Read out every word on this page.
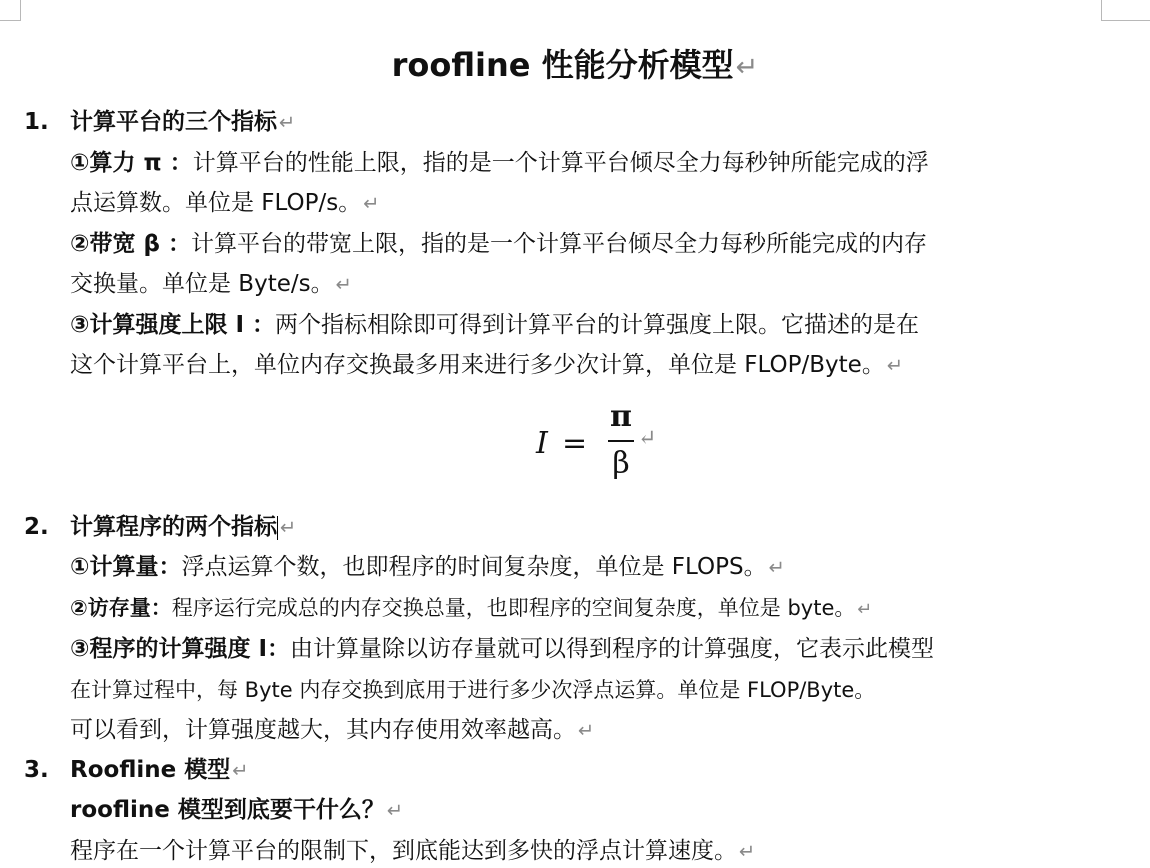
roofline 性能分析模型↵
1. 计算平台的三个指标 ↵
①算力 π ：计算平台的性能上限，指的是一个计算平台倾尽全力每秒钟所能完成的浮
点运算数。单位是 FLOP/s。 ↵
②带宽 β ：计算平台的带宽上限，指的是一个计算平台倾尽全力每秒所能完成的内存
交换量。单位是 Byte/s。 ↵
③计算强度上限 I ：两个指标相除即可得到计算平台的计算强度上限。它描述的是在
这个计算平台上，单位内存交换最多用来进行多少次计算，单位是 FLOP/Byte。 ↵
I =
π
β
↵
2. 计算程序的两个指标 ↵
①计算量：浮点运算个数，也即程序的时间复杂度，单位是 FLOPS。 ↵
②访存量：程序运行完成总的内存交换总量，也即程序的空间复杂度，单位是 byte。 ↵
③程序的计算强度 I：由计算量除以访存量就可以得到程序的计算强度，它表示此模型
在计算过程中，每 Byte 内存交换到底用于进行多少次浮点运算。单位是 FLOP/Byte。
可以看到，计算强度越大，其内存使用效率越高。 ↵
3. Roofline 模型 ↵
roofline 模型到底要干什么？ ↵
程序在一个计算平台的限制下，到底能达到多快的浮点计算速度。 ↵
